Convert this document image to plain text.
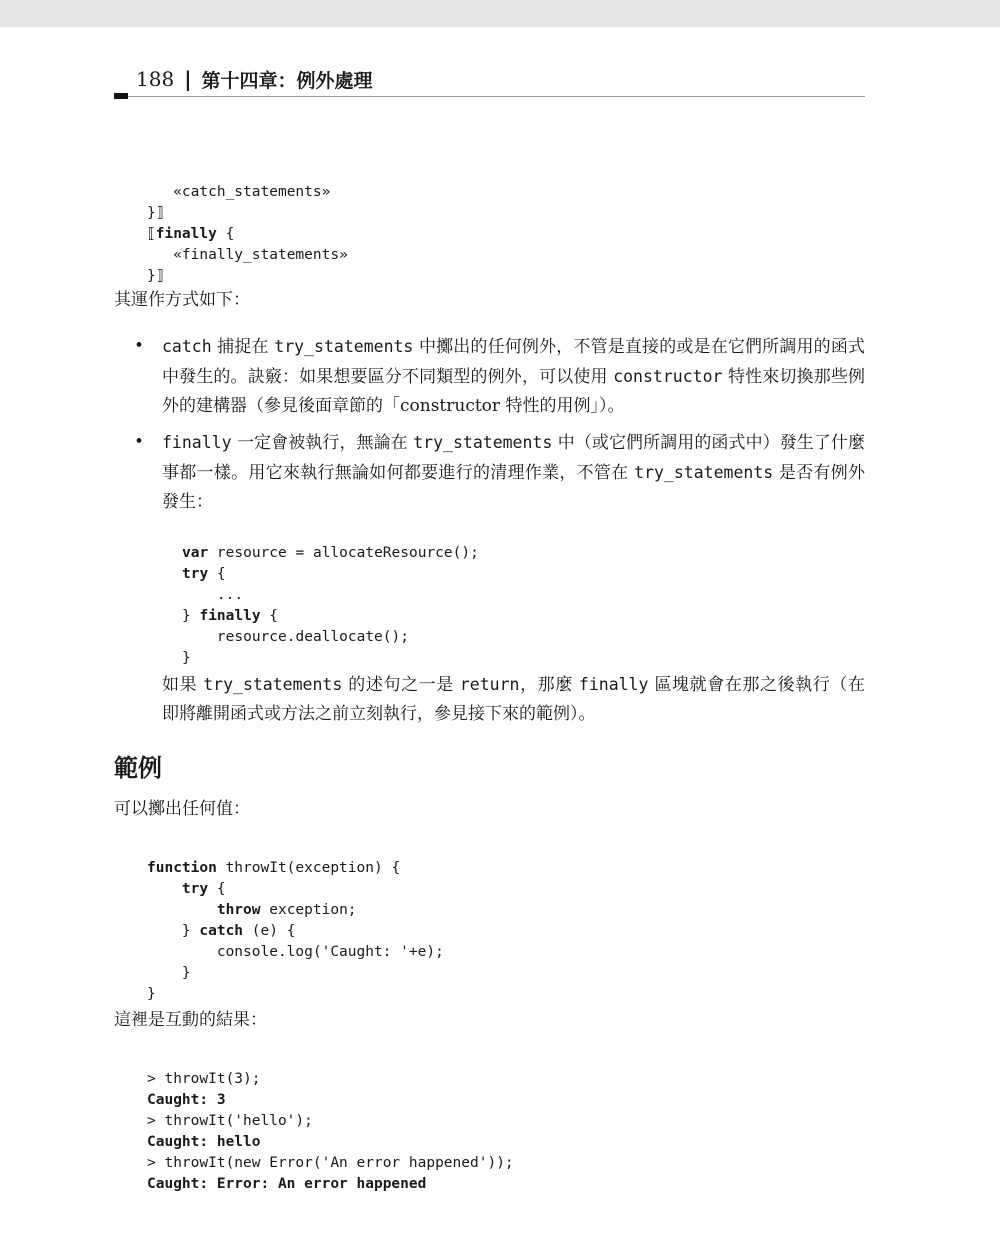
188 | 第十四章：例外處理

«catch_statements»
}⟧
⟦finally {
«finally_statements»
}⟧

其運作方式如下：

• catch 捕捉在 try_statements 中擲出的任何例外，不管是直接的或是在它們所調用的函式中發生的。訣竅：如果想要區分不同類型的例外，可以使用 constructor 特性來切換那些例外的建構器（參見後面章節的「constructor 特性的用例」）。

• finally 一定會被執行，無論在 try_statements 中（或它們所調用的函式中）發生了什麼事都一樣。用它來執行無論如何都要進行的清理作業，不管在 try_statements 是否有例外發生：

var resource = allocateResource();
try {
...
} finally {
resource.deallocate();
}

如果 try_statements 的述句之一是 return，那麼 finally 區塊就會在那之後執行（在即將離開函式或方法之前立刻執行，參見接下來的範例）。

範例

可以擲出任何值：

function throwIt(exception) {
try {
throw exception;
} catch (e) {
console.log('Caught: '+e);
}
}

這裡是互動的結果：

> throwIt(3);
Caught: 3
> throwIt('hello');
Caught: hello
> throwIt(new Error('An error happened'));
Caught: Error: An error happened
